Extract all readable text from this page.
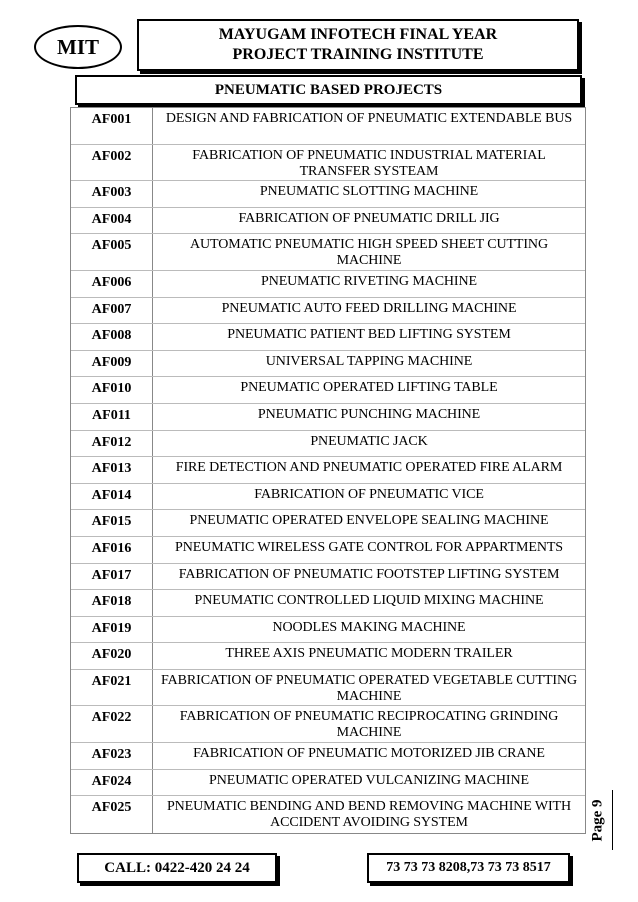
MIT	MAYUGAM INFOTECH FINAL YEAR
PROJECT TRAINING INSTITUTE
PNEUMATIC BASED PROJECTS
AF001	DESIGN AND FABRICATION OF PNEUMATIC EXTENDABLE BUS
AF002	FABRICATION OF PNEUMATIC INDUSTRIAL MATERIAL TRANSFER SYSTEAM
AF003	PNEUMATIC SLOTTING MACHINE
AF004	FABRICATION OF PNEUMATIC DRILL JIG
AF005	AUTOMATIC PNEUMATIC HIGH SPEED SHEET CUTTING MACHINE
AF006	PNEUMATIC RIVETING MACHINE
AF007	PNEUMATIC AUTO FEED DRILLING MACHINE
AF008	PNEUMATIC PATIENT BED LIFTING SYSTEM
AF009	UNIVERSAL TAPPING MACHINE
AF010	PNEUMATIC OPERATED LIFTING TABLE
AF011	PNEUMATIC PUNCHING MACHINE
AF012	PNEUMATIC JACK
AF013	FIRE DETECTION AND PNEUMATIC OPERATED FIRE ALARM
AF014	FABRICATION OF PNEUMATIC VICE
AF015	PNEUMATIC OPERATED ENVELOPE SEALING MACHINE
AF016	PNEUMATIC WIRELESS GATE CONTROL FOR APPARTMENTS
AF017	FABRICATION OF PNEUMATIC FOOTSTEP LIFTING SYSTEM
AF018	PNEUMATIC CONTROLLED LIQUID MIXING MACHINE
AF019	NOODLES MAKING MACHINE
AF020	THREE AXIS PNEUMATIC MODERN TRAILER
AF021	FABRICATION OF PNEUMATIC OPERATED VEGETABLE CUTTING MACHINE
AF022	FABRICATION OF PNEUMATIC RECIPROCATING GRINDING MACHINE
AF023	FABRICATION OF PNEUMATIC MOTORIZED JIB CRANE
AF024	PNEUMATIC OPERATED VULCANIZING MACHINE
AF025	PNEUMATIC BENDING AND BEND REMOVING MACHINE WITH ACCIDENT AVOIDING SYSTEM	Page 9
CALL: 0422-420 24 24	73 73 73 8208,73 73 73 8517
